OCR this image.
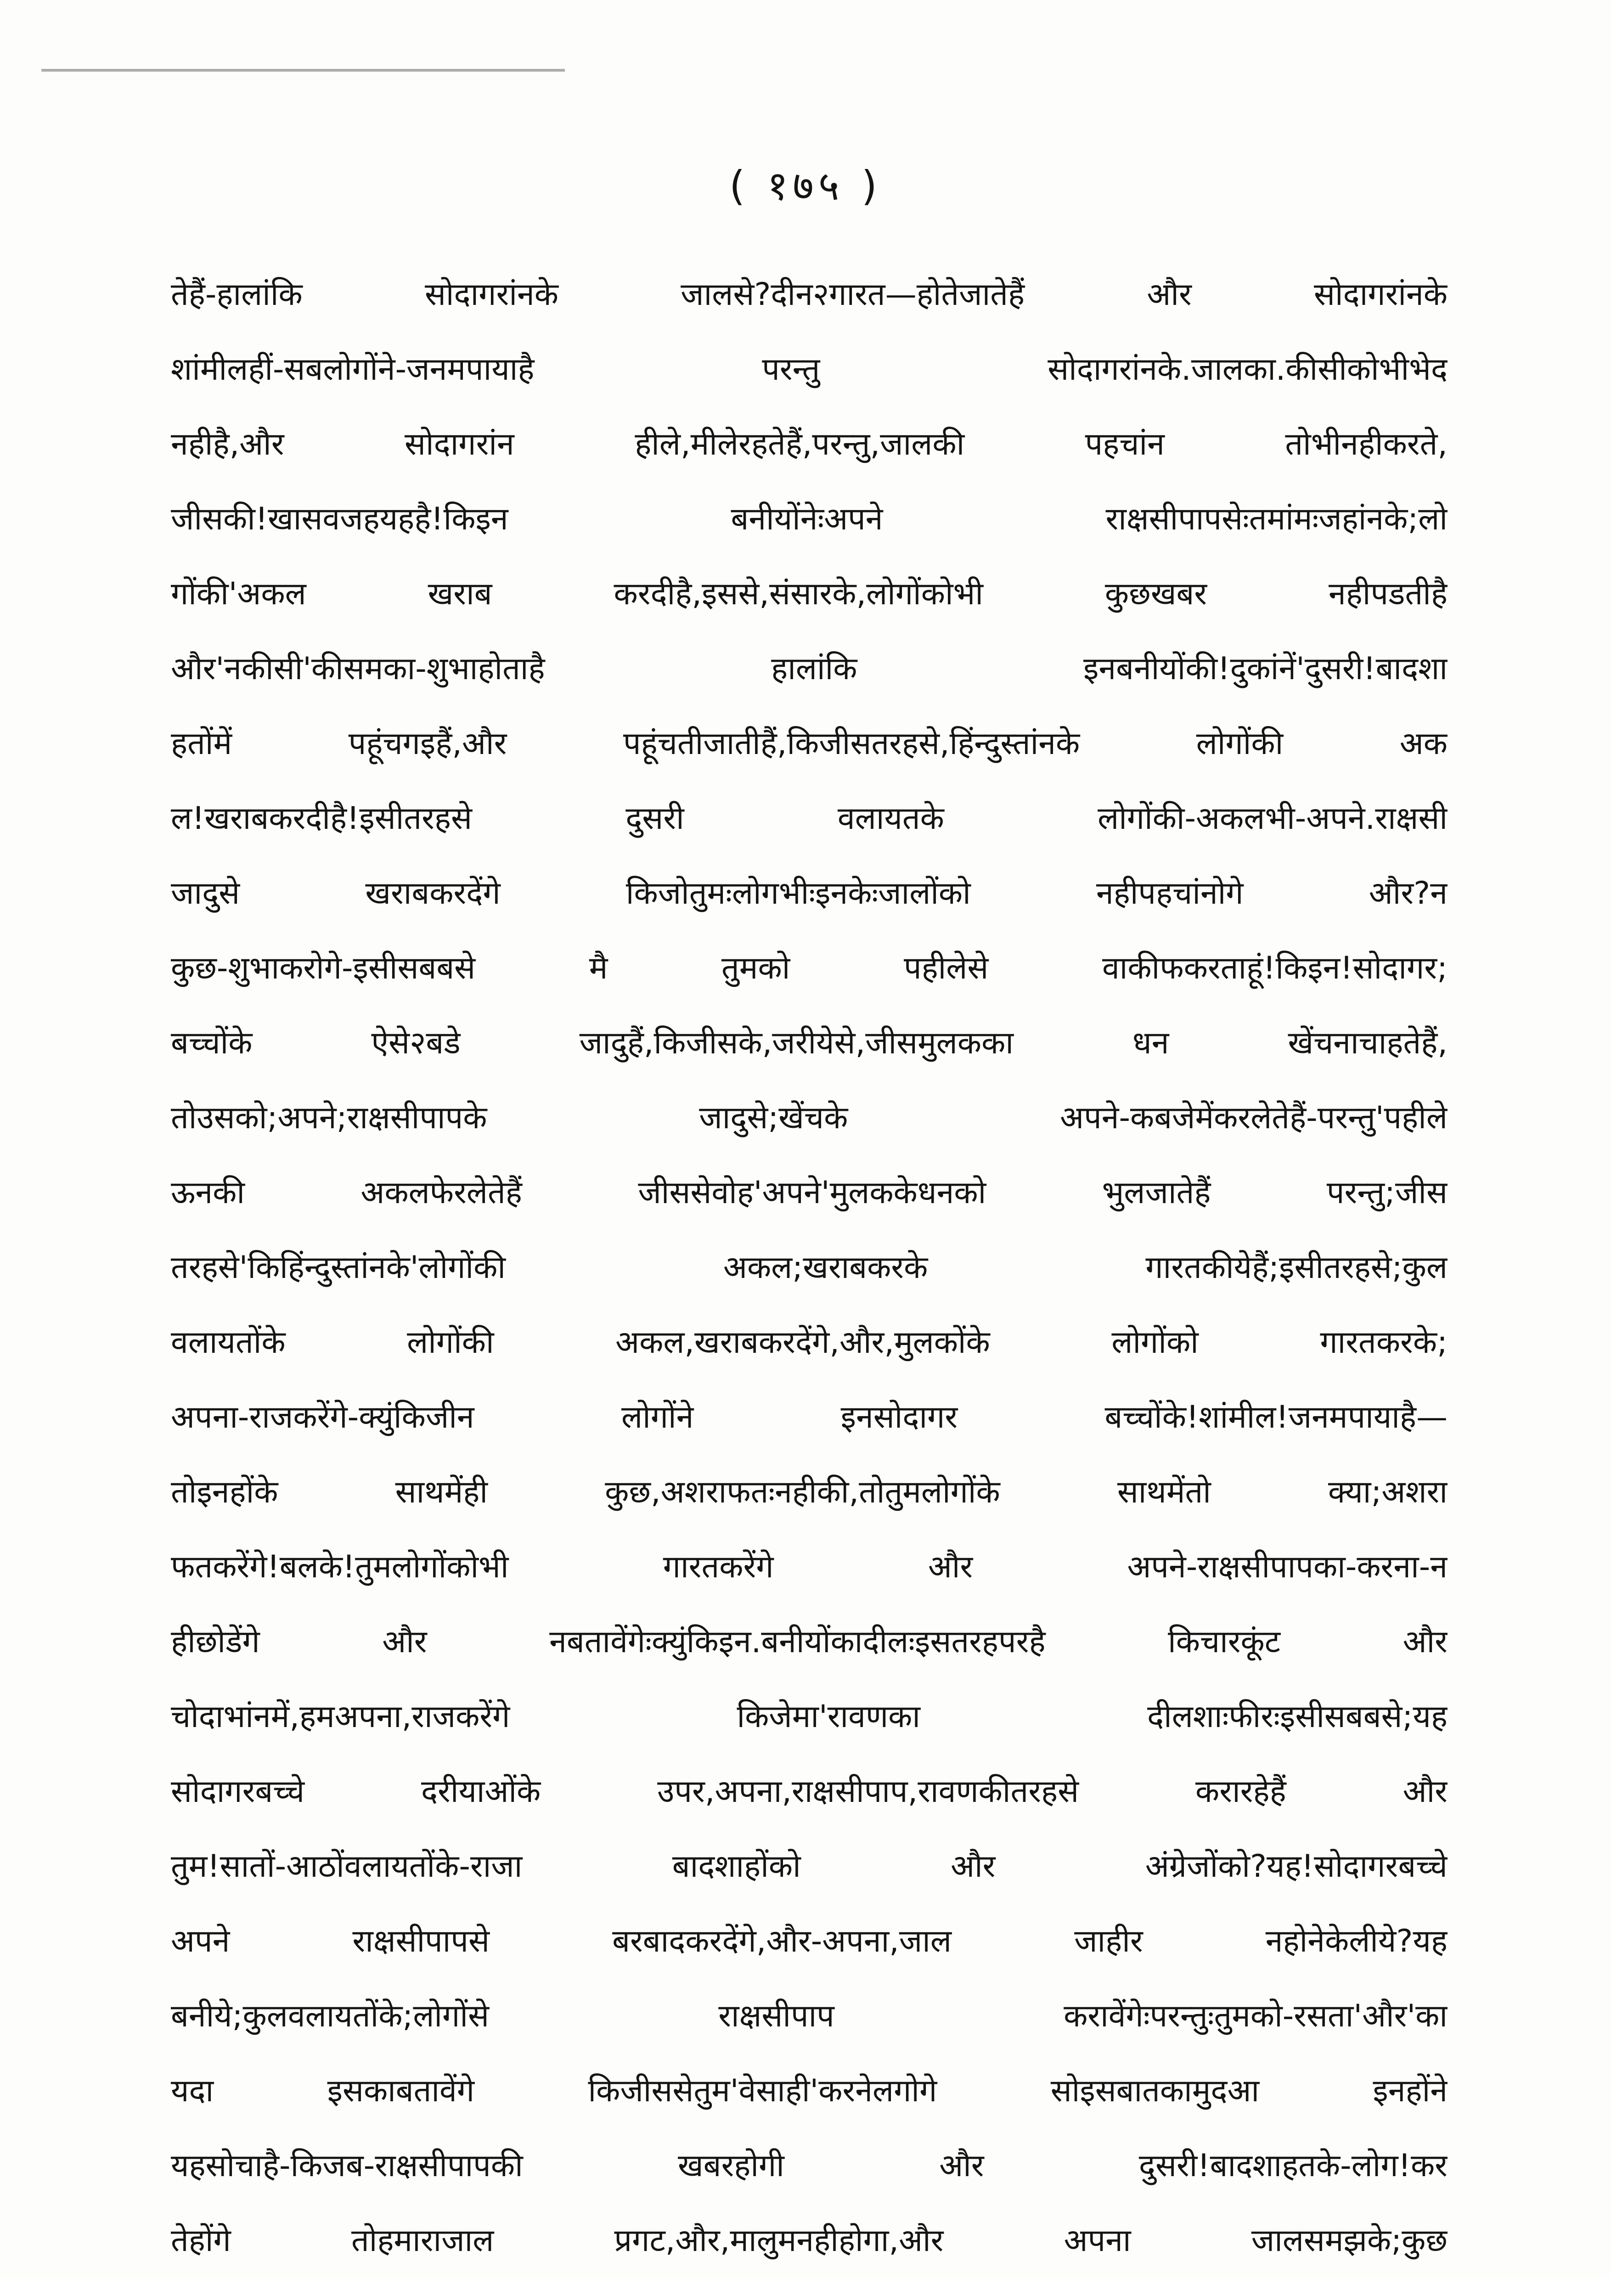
( १७५ )
तेहैं-हालांकि सोदागरांनके जालसे?दीन२गारत—होतेजातेहैं और सोदागरांनके
शांमीलहीं-सबलोगोंने-जनमपायाहै परन्तु सोदागरांनके.जालका.कीसीकोभीभेद
नहीहै,और सोदागरांन हीले,मीलेरहतेहैं,परन्तु,जालकी पहचांन तोभीनहीकरते,
जीसकी!खासवजहयहहै!किइन बनीयोंनेःअपने राक्षसीपापसेःतमांमःजहांनके;लो
गोंकी'अकल खराब करदीहै,इससे,संसारके,लोगोंकोभी कुछखबर नहीपडतीहै
और'नकीसी'कीसमका-शुभाहोताहै हालांकि इनबनीयोंकी!दुकांनें'दुसरी!बादशा
हतोंमें पहूंचगइहैं,और पहूंचतीजातीहैं,किजीसतरहसे,हिंन्दुस्तांनके लोगोंकी अक
ल!खराबकरदीहै!इसीतरहसे दुसरी वलायतके लोगोंकी-अकलभी-अपने.राक्षसी
जादुसे खराबकरदेंगे किजोतुमःलोगभीःइनकेःजालोंको नहीपहचांनोगे और?न
कुछ-शुभाकरोगे-इसीसबबसे मै तुमको पहीलेसे वाकीफकरताहूं!किइन!सोदागर;
बच्चोंके ऐसे२बडे जादुहैं,किजीसके,जरीयेसे,जीसमुलकका धन खेंचनाचाहतेहैं,
तोउसको;अपने;राक्षसीपापके जादुसे;खेंचके अपने-कबजेमेंकरलेतेहैं-परन्तु'पहीले
ऊनकी अकलफेरलेतेहैं जीससेवोह'अपने'मुलककेधनको भुलजातेहैं परन्तु;जीस
तरहसे'किहिंन्दुस्तांनके'लोगोंकी अकल;खराबकरके गारतकीयेहैं;इसीतरहसे;कुल
वलायतोंके लोगोंकी अकल,खराबकरदेंगे,और,मुलकोंके लोगोंको गारतकरके;
अपना-राजकरेंगे-क्युंकिजीन लोगोंने इनसोदागर बच्चोंके!शांमील!जनमपायाहै—
तोइनहोंके साथमेंही कुछ,अशराफतःनहीकी,तोतुमलोगोंके साथमेंतो क्या;अशरा
फतकरेंगे!बलके!तुमलोगोंकोभी गारतकरेंगे और अपने-राक्षसीपापका-करना-न
हीछोडेंगे और नबतावेंगेःक्युंकिइन.बनीयोंकादीलःइसतरहपरहै किचारकूंट और
चोदाभांनमें,हमअपना,राजकरेंगे किजेमा'रावणका दीलशाःफीरःइसीसबबसे;यह
सोदागरबच्चे दरीयाओंके उपर,अपना,राक्षसीपाप,रावणकीतरहसे करारहेहैं और
तुम!सातों-आठोंवलायतोंके-राजा बादशाहोंको और अंग्रेजोंको?यह!सोदागरबच्चे
अपने राक्षसीपापसे बरबादकरदेंगे,और-अपना,जाल जाहीर नहोनेकेलीये?यह
बनीये;कुलवलायतोंके;लोगोंसे राक्षसीपाप करावेंगेःपरन्तुःतुमको-रसता'और'का
यदा इसकाबतावेंगे किजीससेतुम'वेसाही'करनेलगोगे सोइसबातकामुदआ इनहोंने
यहसोचाहै-किजब-राक्षसीपापकी खबरहोगी और दुसरी!बादशाहतके-लोग!कर
तेहोंगे तोहमाराजाल प्रगट,और,मालुमनहीहोगा,और अपना जालसमझके;कुछ
